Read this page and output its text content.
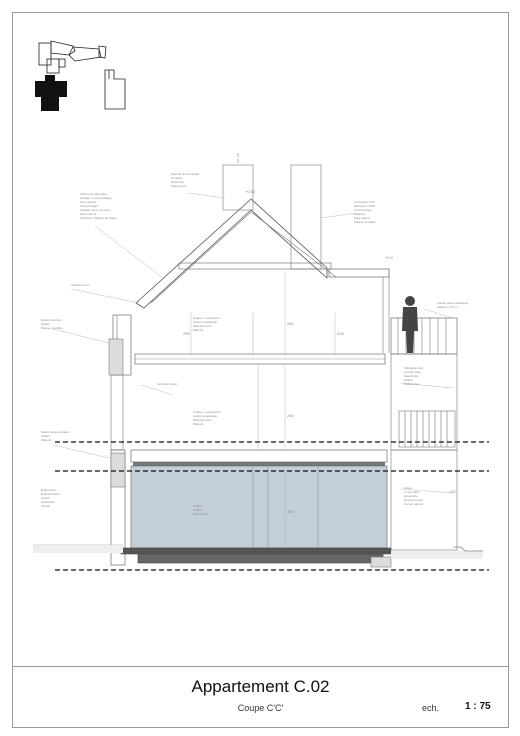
Toiture en tuile plate Lattage + contre-lattage Sous-toiture Chevronnage Isolation laine de verre Pare-vapeur Structure / Plaque de plâtre
Souche de cheminée Conduit Parement Maçonnerie
Couverture zinc Panneaux OSB Chevronnage Isolation Pare-vapeur Plaque de plâtre
Gouttière zinc
Enduit extérieur Isolant Plaque de plâtre
Chape + revêtement Isolant acoustique Plancher bois Plafond
Corniche béton
Chape + revêtement Isolant acoustique Plancher bois Plafond
Maçonnerie existante Isolant Plafond
Dalle béton Empierrement Isolant Géotextile Terrain	Chape Isolant Dalle béton
Garde-corps métallique Hauteur 1,10 m
Platelage bois Lambourdes Étanchéité Isolant Dalle béton
Pavés Lit de sable Géotextile Empierrement Terrain naturel
+0,00
+0,0
295
260
225
250
250
220
Appartement C.02
Coupe C'C'	ech.	1 : 75
